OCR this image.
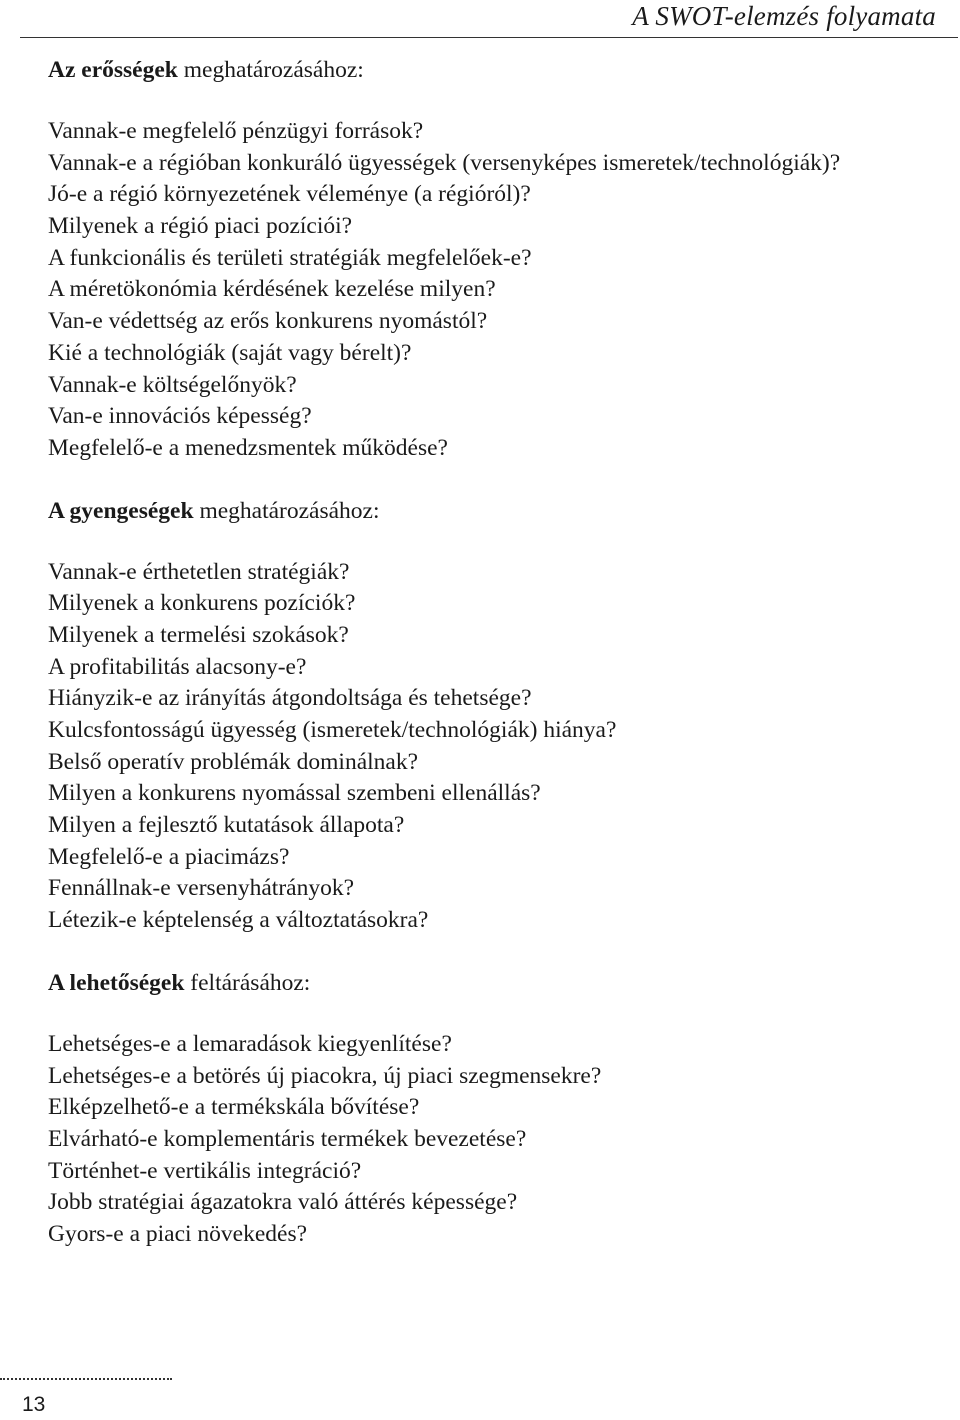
A SWOT-elemzés folyamata
Az erősségek meghatározásához:
Vannak-e megfelelő pénzügyi források?
Vannak-e a régióban konkuráló ügyességek (versenyképes ismeretek/technológiák)?
Jó-e a régió környezetének véleménye (a régióról)?
Milyenek a régió piaci pozíciói?
A funkcionális és területi stratégiák megfelelőek-e?
A méretökonómia kérdésének kezelése milyen?
Van-e védettség az erős konkurens nyomástól?
Kié a technológiák (saját vagy bérelt)?
Vannak-e költségelőnyök?
Van-e innovációs képesség?
Megfelelő-e a menedzsmentek működése?
A gyengeségek meghatározásához:
Vannak-e érthetetlen stratégiák?
Milyenek a konkurens pozíciók?
Milyenek a termelési szokások?
A profitabilitás alacsony-e?
Hiányzik-e az irányítás átgondoltsága és tehetsége?
Kulcsfontosságú ügyesség (ismeretek/technológiák) hiánya?
Belső operatív problémák dominálnak?
Milyen a konkurens nyomással szembeni ellenállás?
Milyen a fejlesztő kutatások állapota?
Megfelelő-e a piacimázs?
Fennállnak-e versenyhátrányok?
Létezik-e képtelenség a változtatásokra?
A lehetőségek feltárásához:
Lehetséges-e a lemaradások kiegyenlítése?
Lehetséges-e a betörés új piacokra, új piaci szegmensekre?
Elképzelhető-e a termékskála bővítése?
Elvárható-e komplementáris termékek bevezetése?
Történhet-e vertikális integráció?
Jobb stratégiai ágazatokra való áttérés képessége?
Gyors-e a piaci növekedés?
13
